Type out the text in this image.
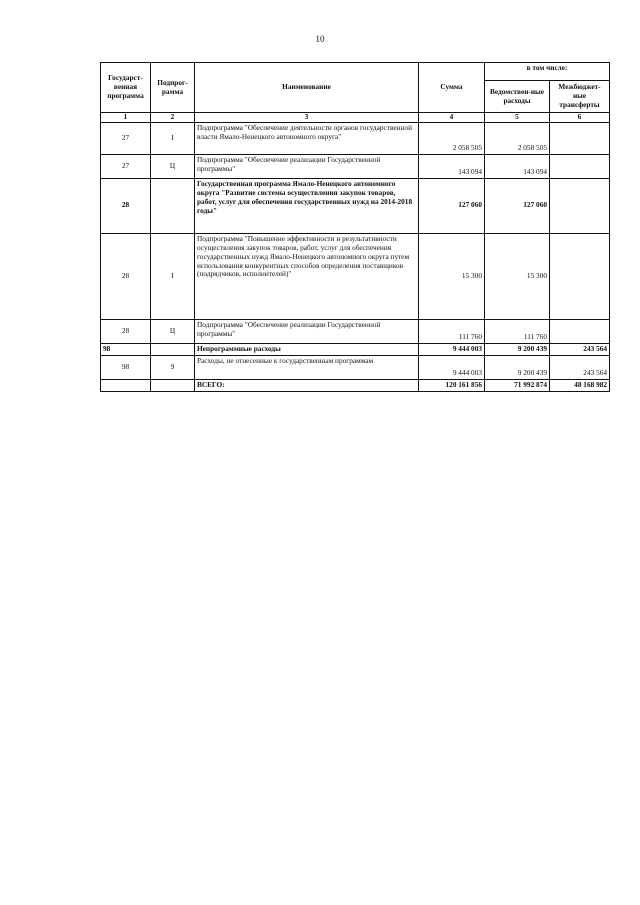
10
Государст-венная программа	Подпрог-рамма	Наименование	Сумма	в том числе:	
				Ведомствен-ные расходы	Межбюджет-ные трансферты
1	2	3	4	5	6
27	I	Подпрограмма "Обеспечение деятельности органов государственной власти Ямало-Ненецкого автономного округа"	2 058 505	2 058 505	
27	Ц	Подпрограмма "Обеспечение реализации Государственной программы"	143 094	143 094	
28		Государственная программа Ямало-Ненецкого автономного округа "Развитие системы осуществления закупок товаров, работ, услуг для обеспечения государственных нужд на 2014-2018 годы"	127 060	127 060	
28	I	Подпрограмма "Повышение эффективности и результативности осуществления закупок товаров, работ, услуг для обеспечения государственных нужд Ямало-Ненецкого автономного округа путем использования конкурентных способов определения поставщиков (подрядчиков, исполнителей)"	15 300	15 300	
28	Ц	Подпрограмма "Обеспечение реализации Государственной программы"	111 760	111 760	
98		Непрограммные расходы	9 444 003	9 200 439	243 564
98	9	Расходы, не отнесенные к государственным программам	9 444 003	9 200 439	243 564
		ВСЕГО:	120 161 856	71 992 874	48 168 982
